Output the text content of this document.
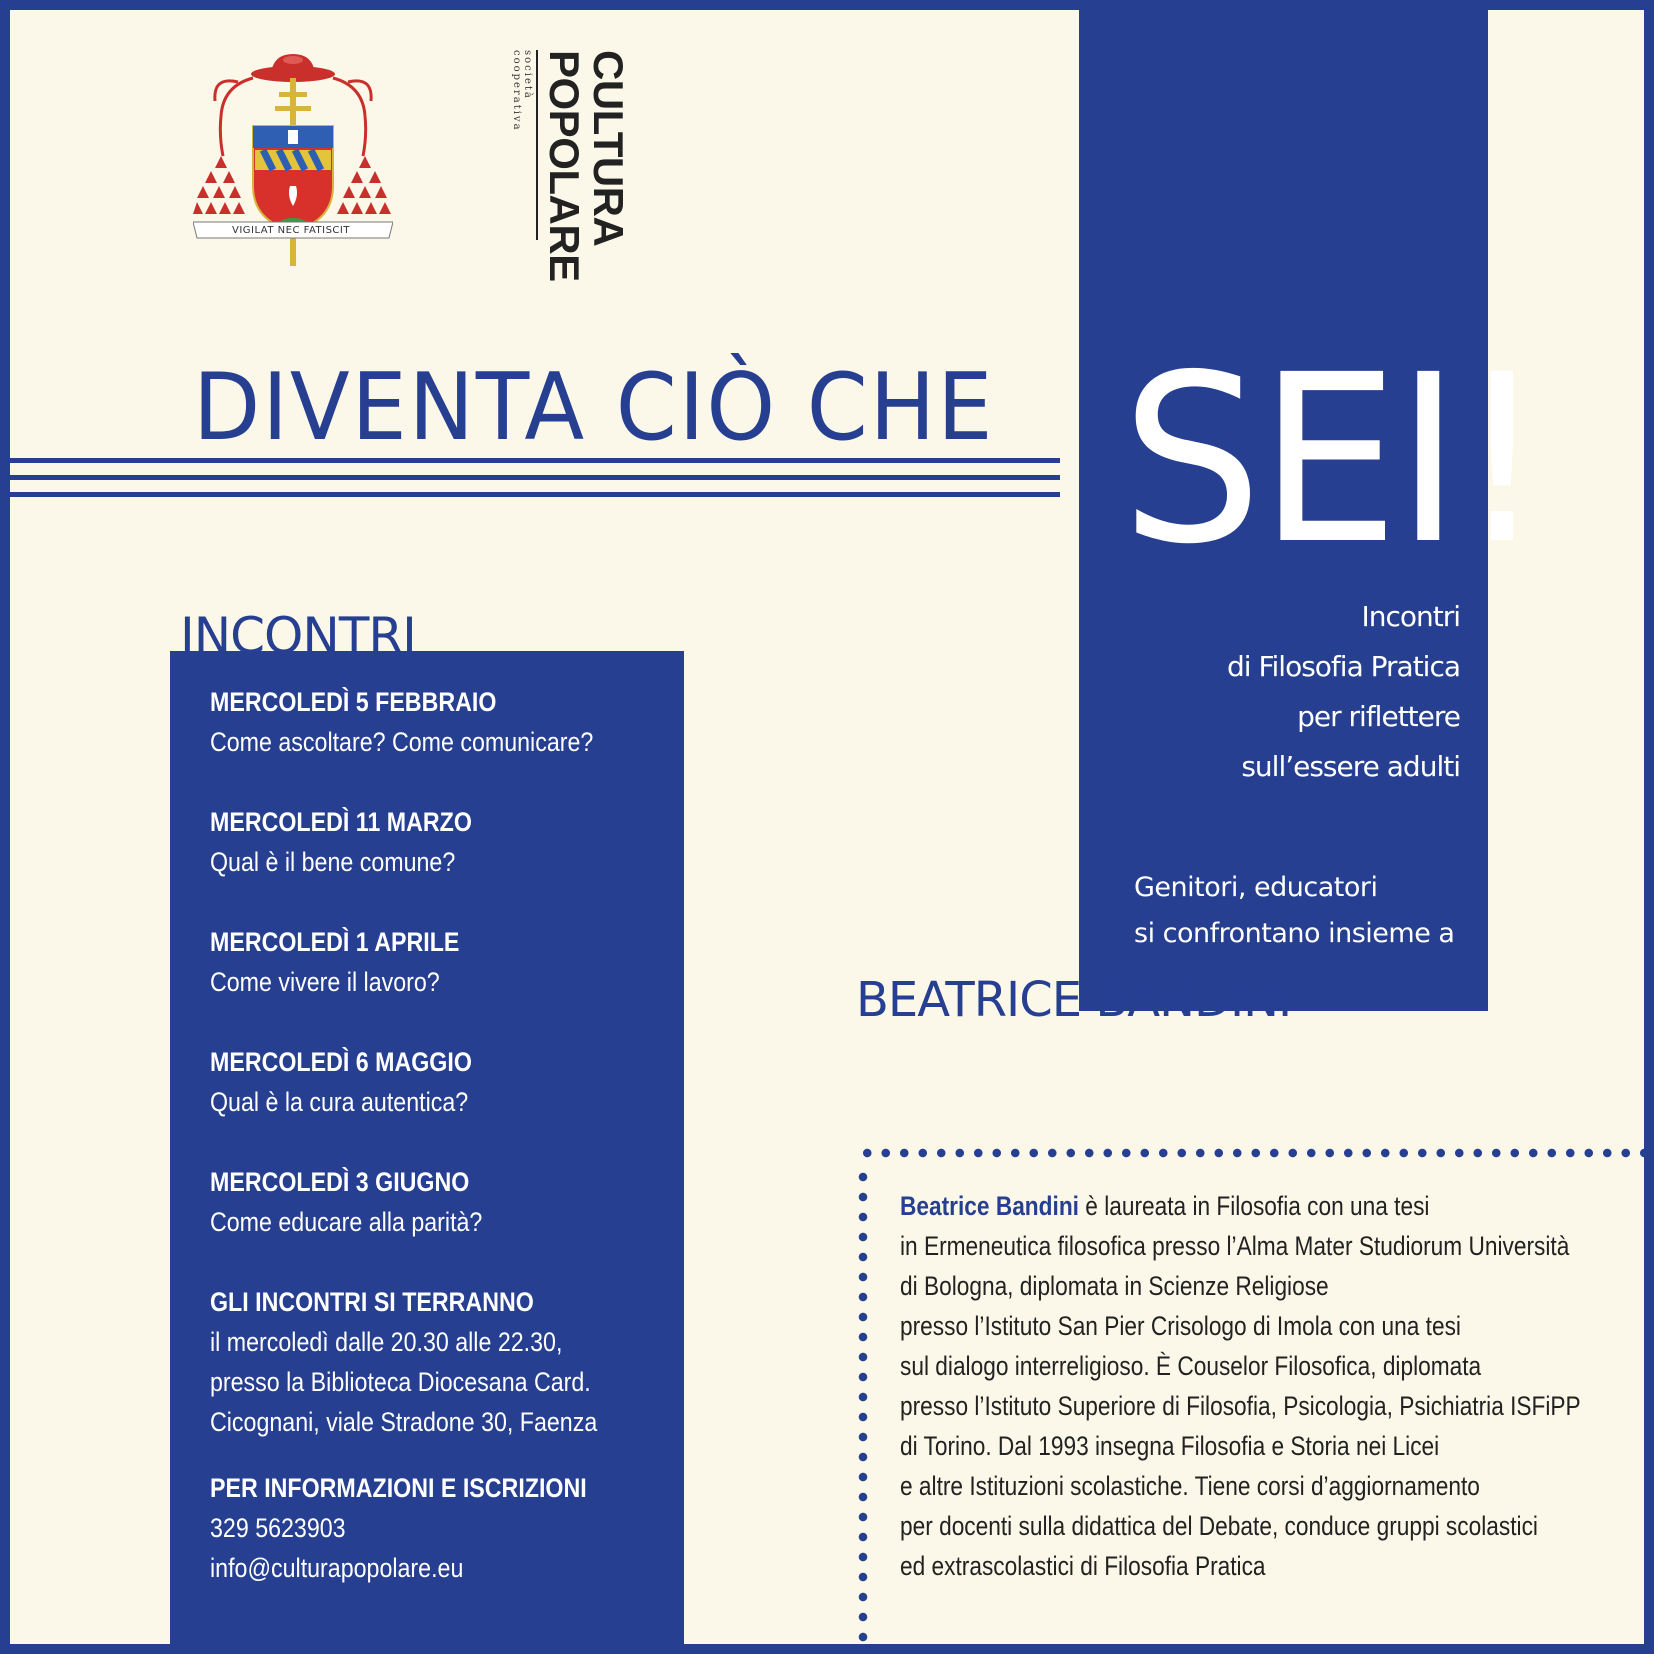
VIGILAT NEC FATISCIT	CULTURA
POPOLARE
società
cooperativa
DIVENTA CIÒ CHE SEI!
Incontri
di Filosofia Pratica
per riflettere
sull’essere adulti
Genitori, educatori
si confrontano insieme a
BEATRICE BANDINI
INCONTRI
MERCOLEDÌ 5 FEBBRAIO
Come ascoltare? Come comunicare?
MERCOLEDÌ 11 MARZO
Qual è il bene comune?
MERCOLEDÌ 1 APRILE
Come vivere il lavoro?
MERCOLEDÌ 6 MAGGIO
Qual è la cura autentica?
MERCOLEDÌ 3 GIUGNO
Come educare alla parità?
GLI INCONTRI SI TERRANNO
il mercoledì dalle 20.30 alle 22.30,
presso la Biblioteca Diocesana Card.
Cicognani, viale Stradone 30, Faenza
PER INFORMAZIONI E ISCRIZIONI
329 5623903
info@culturapopolare.eu
Beatrice Bandini è laureata in Filosofia con una tesi
in Ermeneutica filosofica presso l’Alma Mater Studiorum Università
di Bologna, diplomata in Scienze Religiose
presso l’Istituto San Pier Crisologo di Imola con una tesi
sul dialogo interreligioso. È Couselor Filosofica, diplomata
presso l’Istituto Superiore di Filosofia, Psicologia, Psichiatria ISFiPP
di Torino. Dal 1993 insegna Filosofia e Storia nei Licei
e altre Istituzioni scolastiche. Tiene corsi d’aggiornamento
per docenti sulla didattica del Debate, conduce gruppi scolastici
ed extrascolastici di Filosofia Pratica
